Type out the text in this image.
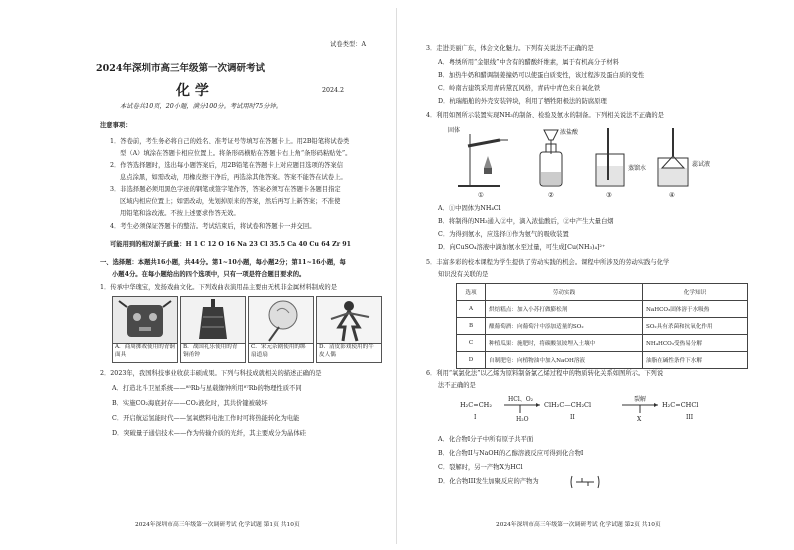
试卷类型：A
2024年深圳市高三年级第一次调研考试
化 学	2024.2
本试卷共10页，20小题，满分100分。考试用时75分钟。
注意事项：
1．答卷前，考生务必将自己的姓名、准考证号等填写在答题卡上。用2B铅笔将试卷类
型（A）填涂在答题卡相应位置上。将条形码横贴在答题卡右上角“条形码粘贴处”。
2．作答选择题时，选出每小题答案后，用2B铅笔在答题卡上对应题目选项的答案信
息点涂黑，如需改动，用橡皮擦干净后，再选涂其他答案。答案不能答在试卷上。
3．非选择题必须用黑色字迹的钢笔或签字笔作答，答案必须写在答题卡各题目指定
区域内相应位置上；如需改动，先划掉原来的答案，然后再写上新答案；不准使
用铅笔和涂改液。不按上述要求作答无效。
4．考生必须保证答题卡的整洁。考试结束后，将试卷和答题卡一并交回。
可能用到的相对原子质量：H 1 C 12 O 16 Na 23 Cl 35.5 Ca 40 Cu 64 Zr 91
一、选择题：本题共16小题，共44分。第1~10小题，每小题2分；第11~16小题，每
小题4分。在每小题给出的四个选项中，只有一项是符合题目要求的。
1．传承中华瑰宝，发扬戏曲文化。下列戏曲表演用品主要由无机非金属材料制成的是
A．商周掷戏使用的青铜面具
B．战国礼乐使用的青铜甬钟
C．宋元杂剧使用的绑扇道扇
D．清皮影戏使用的牛皮人偶
2．2023年，我国科技事业收获丰硕成果。下列与科技成就相关的描述正确的是
A．打造北斗卫星系统——⁸⁵Rb与星载铷钟所用⁸⁷Rb的物理性质不同
B．实施CO₂海底封存——CO₂液化时，其共价键被破坏
C．开启航运氢能时代——氢氧燃料电池工作时可将热能转化为电能
D．突破量子通信技术——作为传输介质的光纤，其主要成分为晶体硅
2024年深圳市高三年级第一次调研考试 化学试题 第1页 共10页
3．走进美丽广东，体会文化魅力。下列有关说法不正确的是
A．粤绣所用“金银线”中含有的醋酸纤维素，属于有机高分子材料
B．加热牛奶和醋调制姜撞奶可以使蛋白质变性，该过程涉及蛋白质的变性
C．岭南古建筑采用青砖黛瓦风格，青砖中青色来自氧化铁
D．杭瑞船舶的外壳安装锌块，利用了牺牲阳极法的防腐原理
4．利用如图所示装置实现NH₃的制备、检验及氨水的制备。下列相关说法不正确的是
固体	浓盐酸
蒸馏水
蕊试液
①	②	③	④
A．①中固体为NH₄Cl
B．将制得的NH₃通入②中，滴入浓盐酸后，②中产生大量白烟
C．为得到氨水，应选择③作为氨气的吸收装置
D．向CuSO₄溶液中滴加氨水至过量，可生成[Cu(NH₃)₄]²⁺
5．丰富多彩的校本课程为学生提供了劳动实践的机会。课程中所涉及的劳动实践与化学
知识没有关联的是
选项	劳动实践	化学知识
A	烘焙糕点：加入小苏打做膨松剂	NaHCO₃固体溶于水吸热
B	酿葡萄酒：向葡萄汁中添加适量的SO₂	SO₂具有杀菌和抗氧化作用
C	种植瓜果：施肥时，将碳酸氢铵埋入土壤中	NH₄HCO₃受热易分解
D	自制肥皂：向植物油中加入NaOH溶液	油脂在碱性条件下水解
6．利用“氧氯化法”以乙烯为原料制备氯乙烯过程中的物质转化关系如图所示。下列说
法不正确的是
H₂C=CH₂
I
HCl、O₂
H₂O
ClH₂C—CH₂Cl
II
裂解
X
H₂C=CHCl
III
A．化合物I分子中所有原子共平面
B．化合物II与NaOH的乙醇溶液反应可得到化合物I
C．裂解时，另一产物X为HCl
D．化合物III发生加聚反应的产物为
2024年深圳市高三年级第一次调研考试 化学试题 第2页 共10页
